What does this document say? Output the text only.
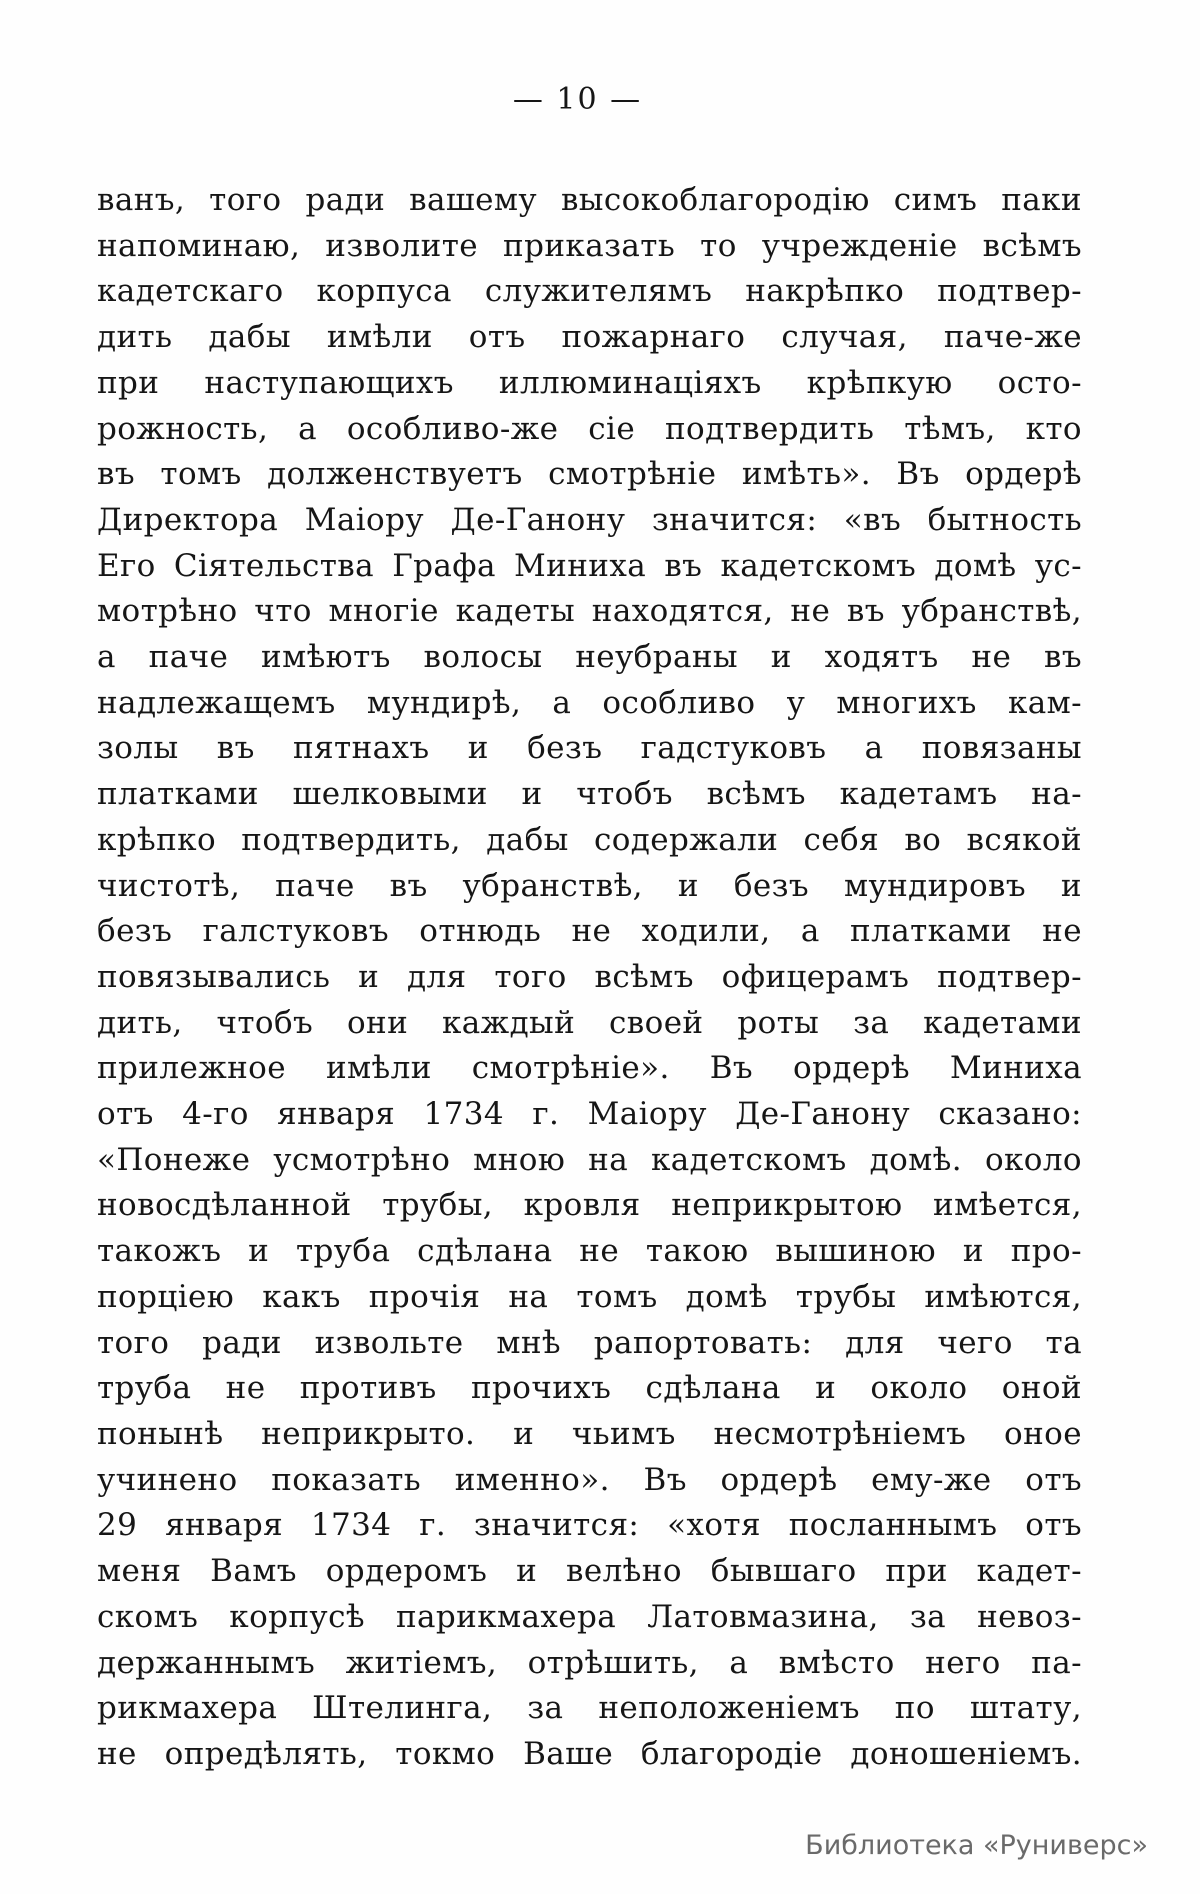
— 10 —
ванъ, того ради вашему высокоблагородію симъ паки
напоминаю, изволите приказать то учрежденіе всѣмъ
кадетскаго корпуса служителямъ накрѣпко подтвер-
дить дабы имѣли отъ пожарнаго случая, паче-же
при наступающихъ иллюминаціяхъ крѣпкую осто-
рожность, а особливо-же сіе подтвердить тѣмъ, кто
въ томъ долженствуетъ смотрѣніе имѣть». Въ ордерѣ
Директора Маіору Де-Ганону значится: «въ бытность
Его Сіятельства Графа Миниха въ кадетскомъ домѣ ус-
мотрѣно что многіе кадеты находятся, не въ убранствѣ,
а паче имѣютъ волосы неубраны и ходятъ не въ
надлежащемъ мундирѣ, а особливо у многихъ кам-
золы въ пятнахъ и безъ гадстуковъ а повязаны
платками шелковыми и чтобъ всѣмъ кадетамъ на-
крѣпко подтвердить, дабы содержали себя во всякой
чистотѣ, паче въ убранствѣ, и безъ мундировъ и
безъ галстуковъ отнюдь не ходили, а платками не
повязывались и для того всѣмъ офицерамъ подтвер-
дить, чтобъ они каждый своей роты за кадетами
прилежное имѣли смотрѣніе». Въ ордерѣ Миниха
отъ 4-го января 1734 г. Маіору Де-Ганону сказано:
«Понеже усмотрѣно мною на кадетскомъ домѣ. около
новосдѣланной трубы, кровля неприкрытою имѣется,
такожъ и труба сдѣлана не такою вышиною и про-
порціею какъ прочія на томъ домѣ трубы имѣются,
того ради извольте мнѣ рапортовать: для чего та
труба не противъ прочихъ сдѣлана и около оной
понынѣ неприкрыто. и чьимъ несмотрѣніемъ оное
учинено показать именно». Въ ордерѣ ему-же отъ
29 января 1734 г. значится: «хотя посланнымъ отъ
меня Вамъ ордеромъ и велѣно бывшаго при кадет-
скомъ корпусѣ парикмахера Латовмазина, за невоз-
держаннымъ житіемъ, отрѣшить, а вмѣсто него па-
рикмахера Штелинга, за неположеніемъ по штату,
не опредѣлять, токмо Ваше благородіе доношеніемъ.
Библиотека «Руниверс»
